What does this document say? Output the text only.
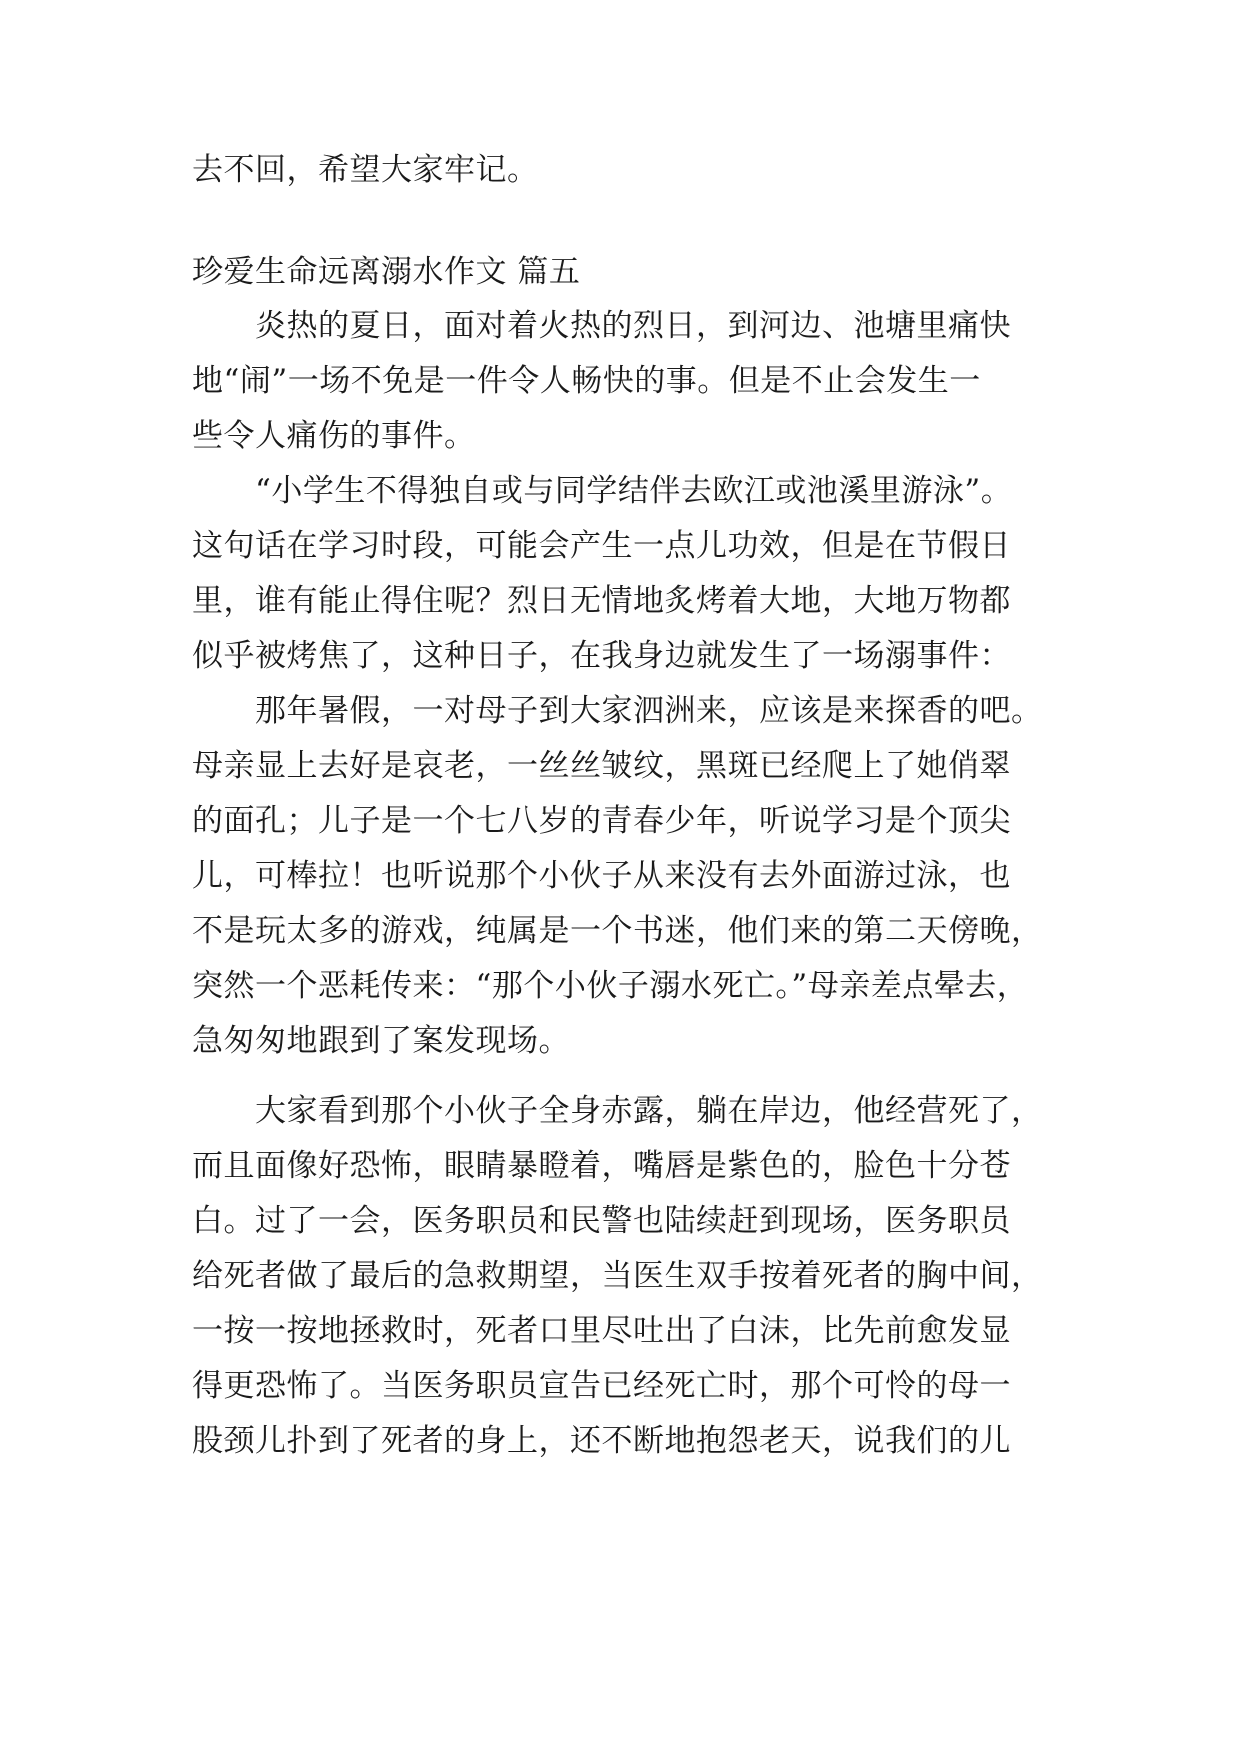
去不回，希望大家牢记。
珍爱生命远离溺水作文 篇五
　　炎热的夏日，面对着火热的烈日，到河边、池塘里痛快
地“闹”一场不免是一件令人畅快的事。但是不止会发生一
些令人痛伤的事件。
　　“小学生不得独自或与同学结伴去欧江或池溪里游泳”。
这句话在学习时段，可能会产生一点儿功效，但是在节假日
里，谁有能止得住呢？烈日无情地炙烤着大地，大地万物都
似乎被烤焦了，这种日子，在我身边就发生了一场溺事件：
　　那年暑假，一对母子到大家泗洲来，应该是来探香的吧。
母亲显上去好是哀老，一丝丝皱纹，黑斑已经爬上了她俏翠
的面孔；儿子是一个七八岁的青春少年，听说学习是个顶尖
儿，可棒拉！也听说那个小伙子从来没有去外面游过泳，也
不是玩太多的游戏，纯属是一个书迷，他们来的第二天傍晚，
突然一个恶耗传来：“那个小伙子溺水死亡。”母亲差点晕去，
急匆匆地跟到了案发现场。
　　大家看到那个小伙子全身赤露，躺在岸边，他经营死了，
而且面像好恐怖，眼睛暴瞪着，嘴唇是紫色的，脸色十分苍
白。过了一会，医务职员和民警也陆续赶到现场，医务职员
给死者做了最后的急救期望，当医生双手按着死者的胸中间，
一按一按地拯救时，死者口里尽吐出了白沫，比先前愈发显
得更恐怖了。当医务职员宣告已经死亡时，那个可怜的母一
股颈儿扑到了死者的身上，还不断地抱怨老天，说我们的儿
